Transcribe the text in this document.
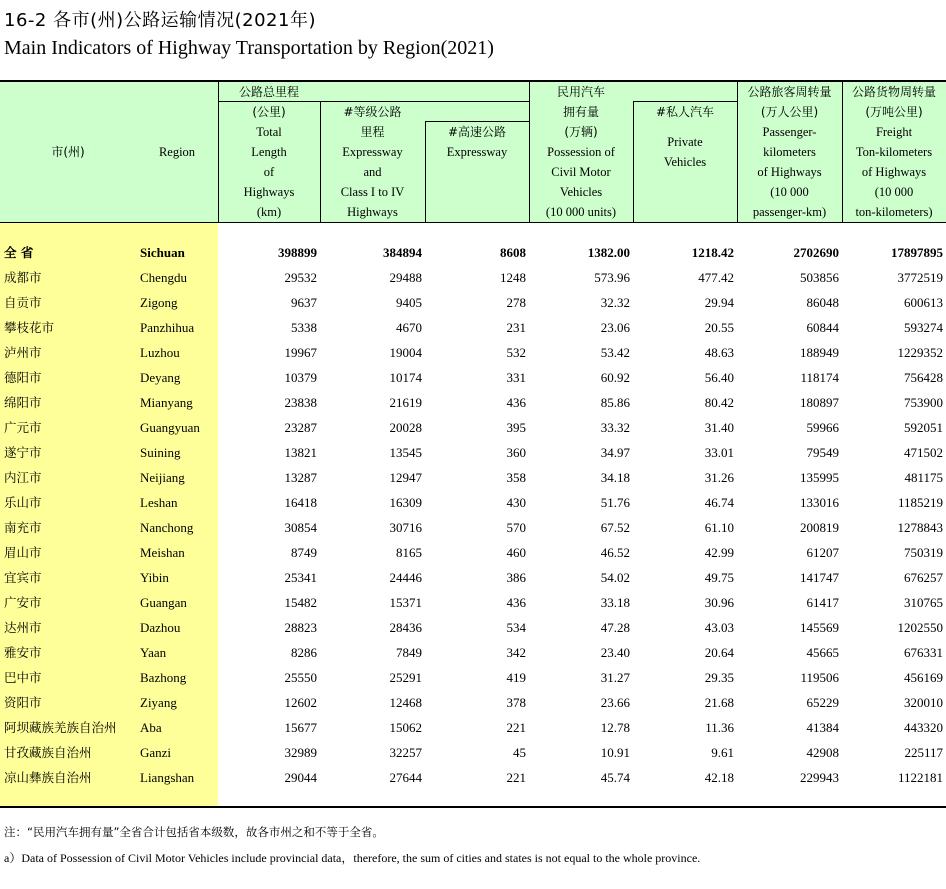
16-2 各市(州)公路运输情况(2021年)
Main Indicators of Highway Transportation by Region(2021)
市(州)	Region
公路总里程
(公里)
Total
Length
of
Highways
(km)
#等级公路
里程
Expressway
and
Class I to IV
Highways
#高速公路
Expressway
民用汽车
拥有量
(万辆)
Possession of
Civil Motor
Vehicles
(10 000 units)
#私人汽车
Private
Vehicles
公路旅客周转量
(万人公里)
Passenger-
kilometers
of Highways
(10 000
passenger-km)
公路货物周转量
(万吨公里)
Freight
Ton-kilometers
of Highways
(10 000
ton-kilometers)
全 省	Sichuan	398899	384894	8608	1382.00	1218.42	2702690	17897895
成都市	Chengdu	29532	29488	1248	573.96	477.42	503856	3772519
自贡市	Zigong	9637	9405	278	32.32	29.94	86048	600613
攀枝花市	Panzhihua	5338	4670	231	23.06	20.55	60844	593274
泸州市	Luzhou	19967	19004	532	53.42	48.63	188949	1229352
德阳市	Deyang	10379	10174	331	60.92	56.40	118174	756428
绵阳市	Mianyang	23838	21619	436	85.86	80.42	180897	753900
广元市	Guangyuan	23287	20028	395	33.32	31.40	59966	592051
遂宁市	Suining	13821	13545	360	34.97	33.01	79549	471502
内江市	Neijiang	13287	12947	358	34.18	31.26	135995	481175
乐山市	Leshan	16418	16309	430	51.76	46.74	133016	1185219
南充市	Nanchong	30854	30716	570	67.52	61.10	200819	1278843
眉山市	Meishan	8749	8165	460	46.52	42.99	61207	750319
宜宾市	Yibin	25341	24446	386	54.02	49.75	141747	676257
广安市	Guangan	15482	15371	436	33.18	30.96	61417	310765
达州市	Dazhou	28823	28436	534	47.28	43.03	145569	1202550
雅安市	Yaan	8286	7849	342	23.40	20.64	45665	676331
巴中市	Bazhong	25550	25291	419	31.27	29.35	119506	456169
资阳市	Ziyang	12602	12468	378	23.66	21.68	65229	320010
阿坝藏族羌族自治州 Aba	15677	15062	221	12.78	11.36	41384	443320
甘孜藏族自治州	Ganzi	32989	32257	45	10.91	9.61	42908	225117
凉山彝族自治州	Liangshan	29044	27644	221	45.74	42.18	229943	1122181
注：“民用汽车拥有量”全省合计包括省本级数，故各市州之和不等于全省。
a）Data of Possession of Civil Motor Vehicles include provincial data，therefore, the sum of cities and states is not equal to the whole province.
